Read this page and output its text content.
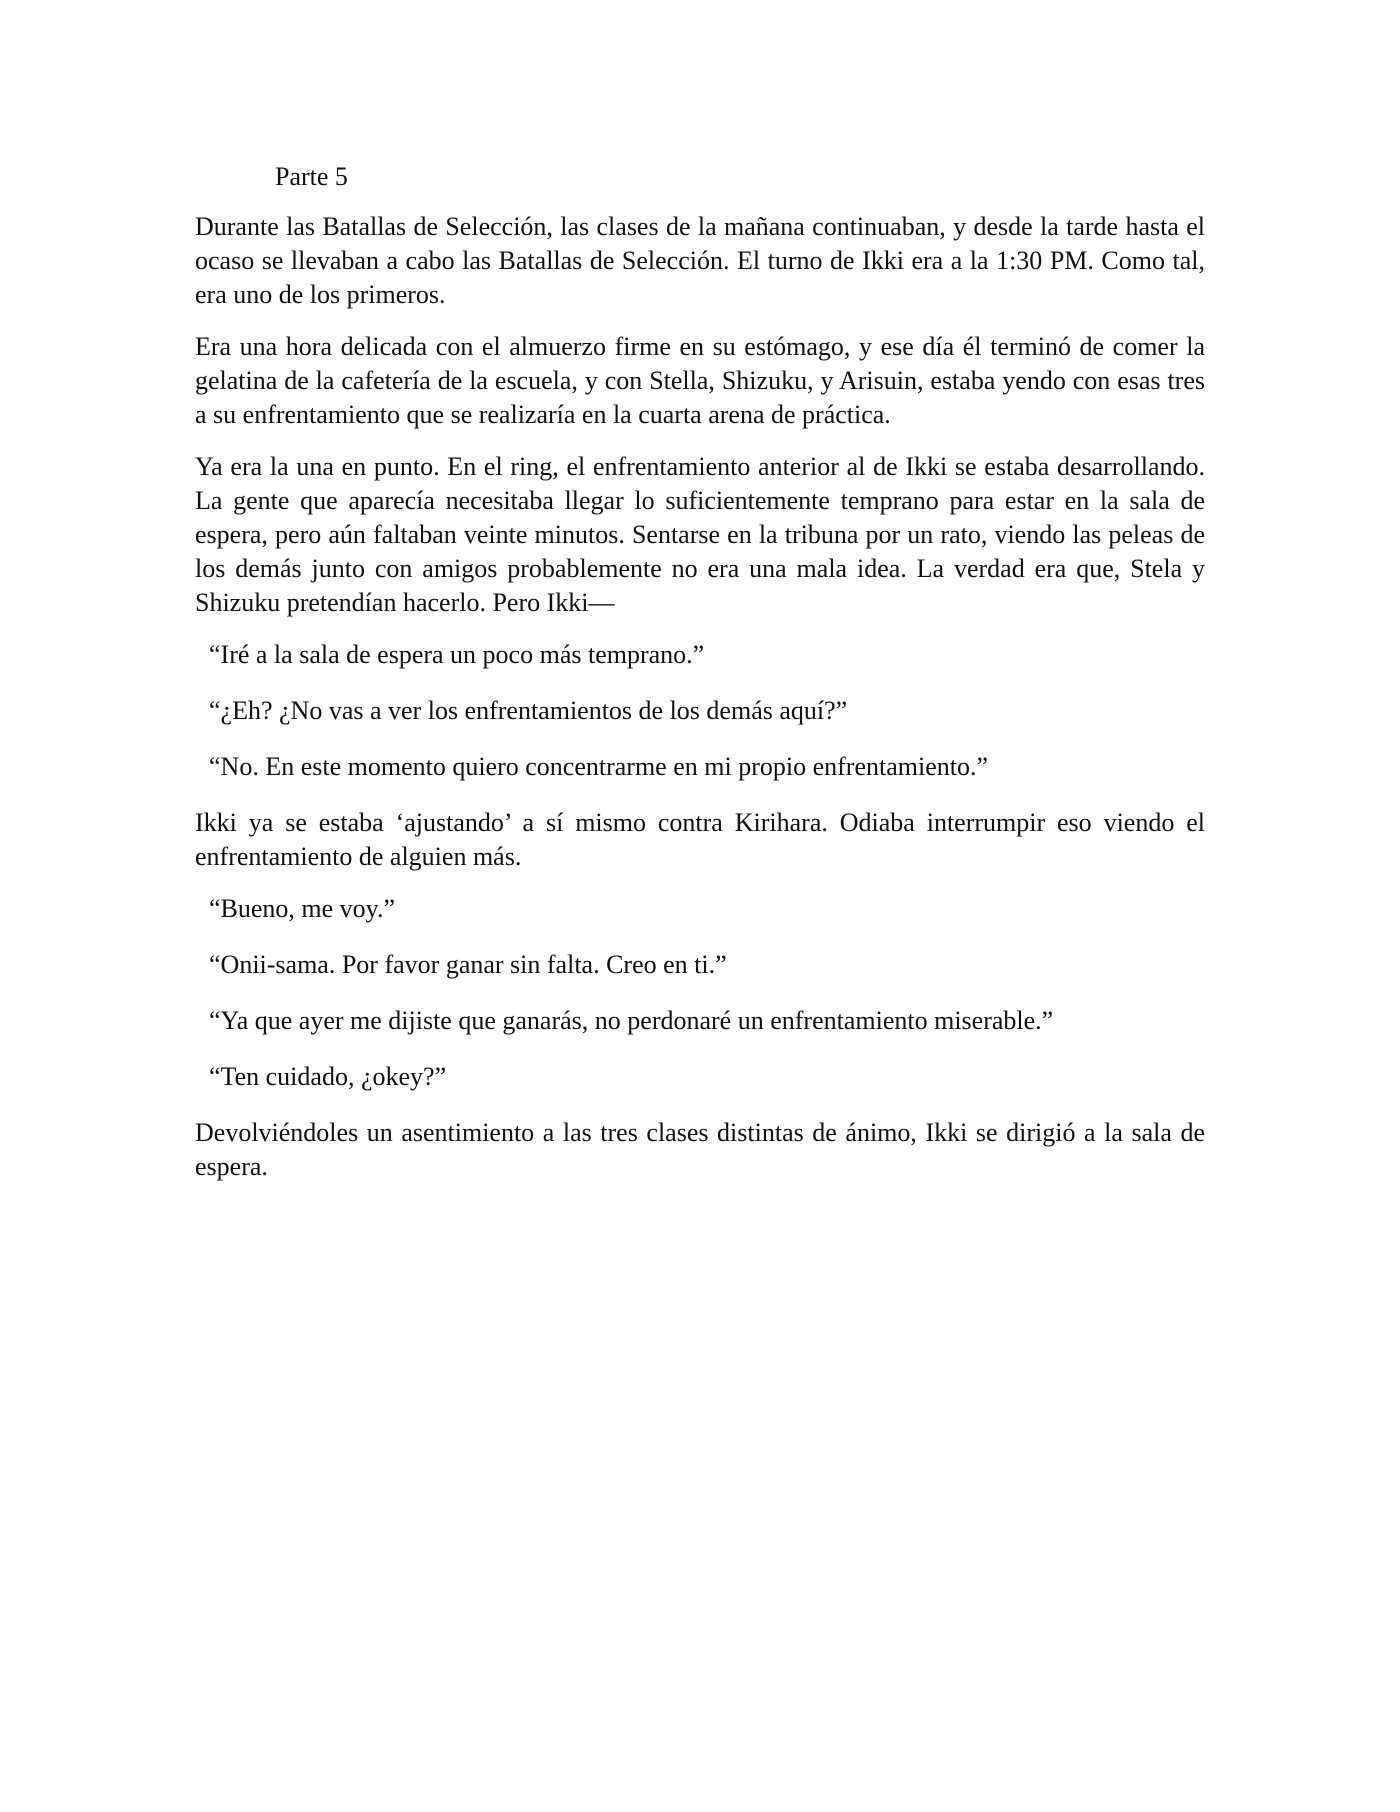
Parte 5

Durante las Batallas de Selección, las clases de la mañana continuaban, y desde la tarde hasta el ocaso se llevaban a cabo las Batallas de Selección. El turno de Ikki era a la 1:30 PM. Como tal, era uno de los primeros.

Era una hora delicada con el almuerzo firme en su estómago, y ese día él terminó de comer la gelatina de la cafetería de la escuela, y con Stella, Shizuku, y Arisuin, estaba yendo con esas tres a su enfrentamiento que se realizaría en la cuarta arena de práctica.

Ya era la una en punto. En el ring, el enfrentamiento anterior al de Ikki se estaba desarrollando. La gente que aparecía necesitaba llegar lo suficientemente temprano para estar en la sala de espera, pero aún faltaban veinte minutos. Sentarse en la tribuna por un rato, viendo las peleas de los demás junto con amigos probablemente no era una mala idea. La verdad era que, Stela y Shizuku pretendían hacerlo. Pero Ikki—

“Iré a la sala de espera un poco más temprano.”

“¿Eh? ¿No vas a ver los enfrentamientos de los demás aquí?”

“No. En este momento quiero concentrarme en mi propio enfrentamiento.”

Ikki ya se estaba ‘ajustando’ a sí mismo contra Kirihara. Odiaba interrumpir eso viendo el enfrentamiento de alguien más.

“Bueno, me voy.”

“Onii-sama. Por favor ganar sin falta. Creo en ti.”

“Ya que ayer me dijiste que ganarás, no perdonaré un enfrentamiento miserable.”

“Ten cuidado, ¿okey?”

Devolviéndoles un asentimiento a las tres clases distintas de ánimo, Ikki se dirigió a la sala de espera.
